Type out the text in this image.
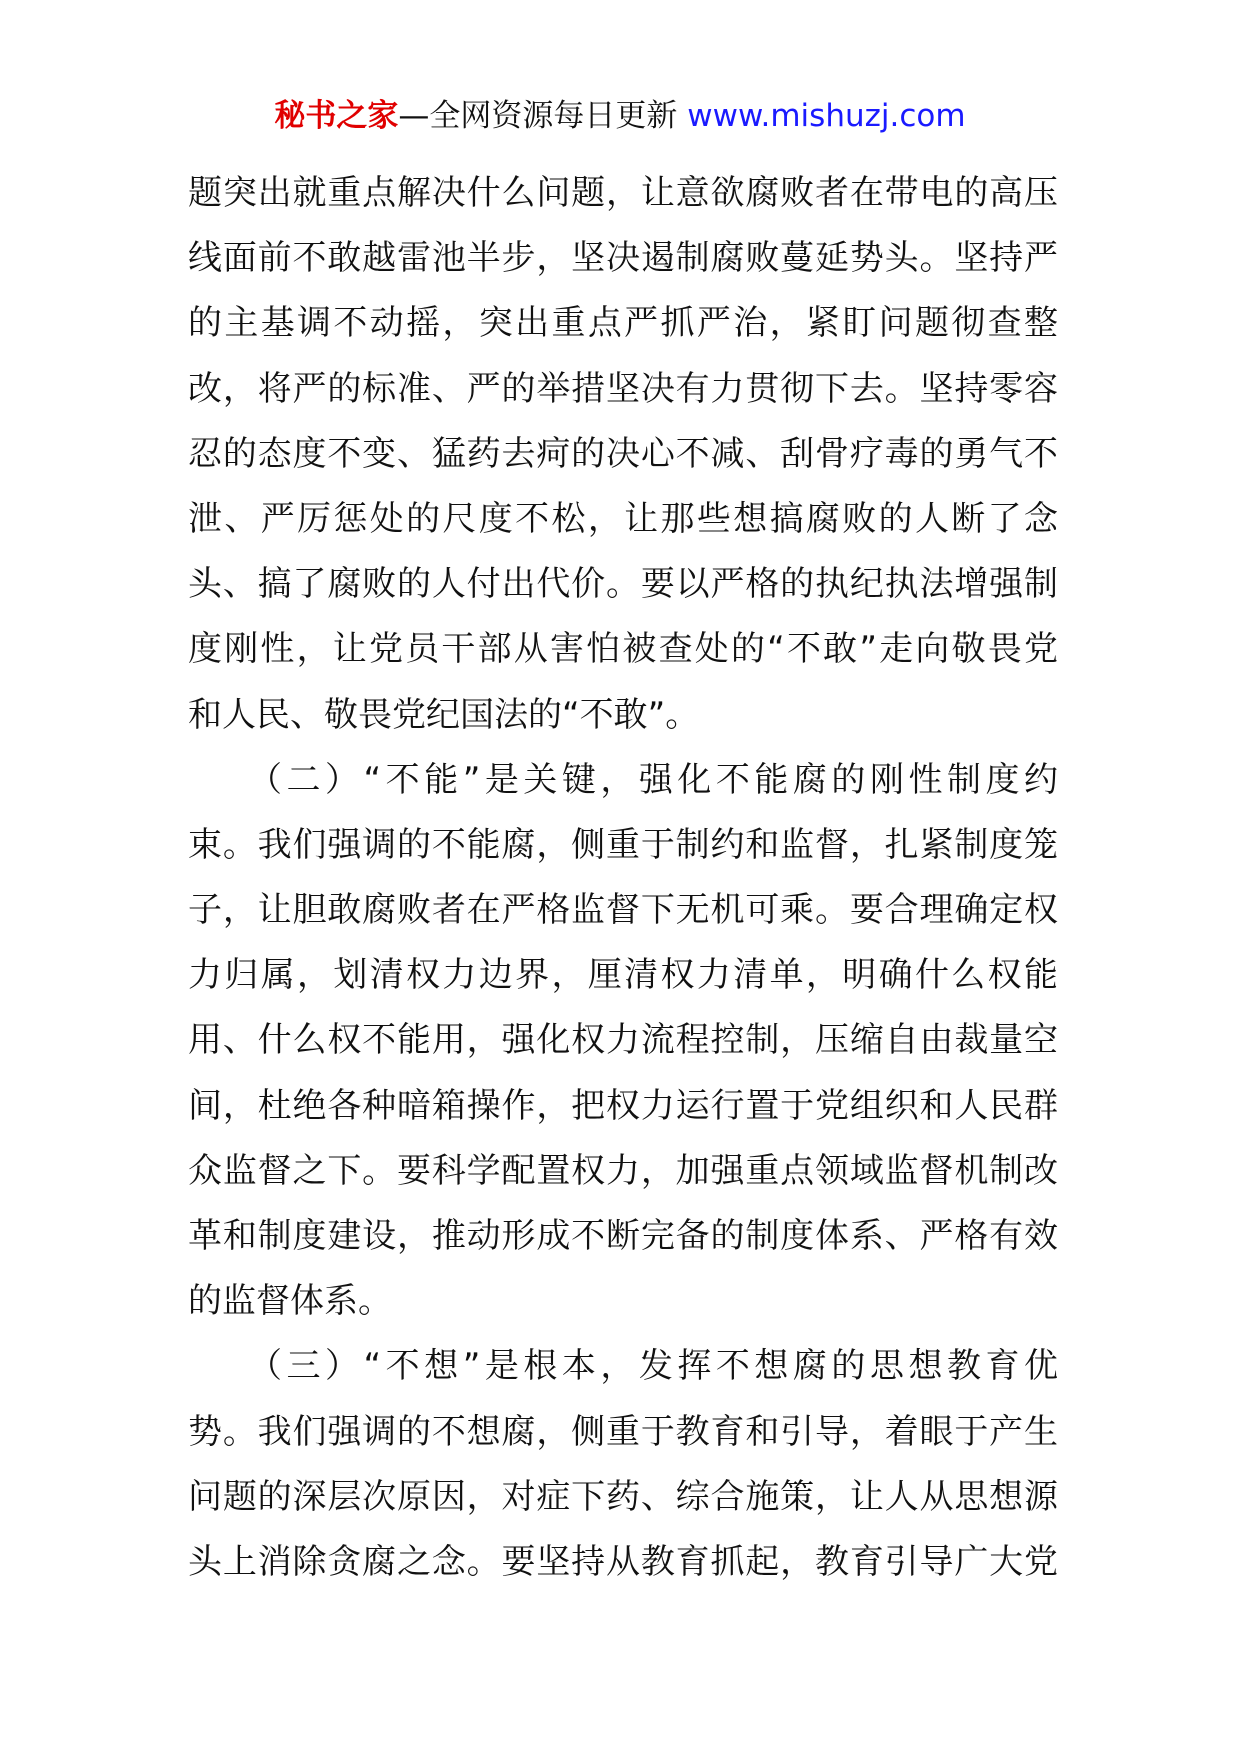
秘书之家—全网资源每日更新 www.mishuzj.com
题突出就重点解决什么问题，让意欲腐败者在带电的高压
线面前不敢越雷池半步，坚决遏制腐败蔓延势头。坚持严
的主基调不动摇，突出重点严抓严治，紧盯问题彻查整
改，将严的标准、严的举措坚决有力贯彻下去。坚持零容
忍的态度不变、猛药去疴的决心不减、刮骨疗毒的勇气不
泄、严厉惩处的尺度不松，让那些想搞腐败的人断了念
头、搞了腐败的人付出代价。要以严格的执纪执法增强制
度刚性，让党员干部从害怕被查处的“不敢”走向敬畏党
和人民、敬畏党纪国法的“不敢”。
　　（二）“不能”是关键，强化不能腐的刚性制度约
束。我们强调的不能腐，侧重于制约和监督，扎紧制度笼
子，让胆敢腐败者在严格监督下无机可乘。要合理确定权
力归属，划清权力边界，厘清权力清单，明确什么权能
用、什么权不能用，强化权力流程控制，压缩自由裁量空
间，杜绝各种暗箱操作，把权力运行置于党组织和人民群
众监督之下。要科学配置权力，加强重点领域监督机制改
革和制度建设，推动形成不断完备的制度体系、严格有效
的监督体系。
　　（三）“不想”是根本，发挥不想腐的思想教育优
势。我们强调的不想腐，侧重于教育和引导，着眼于产生
问题的深层次原因，对症下药、综合施策，让人从思想源
头上消除贪腐之念。要坚持从教育抓起，教育引导广大党
